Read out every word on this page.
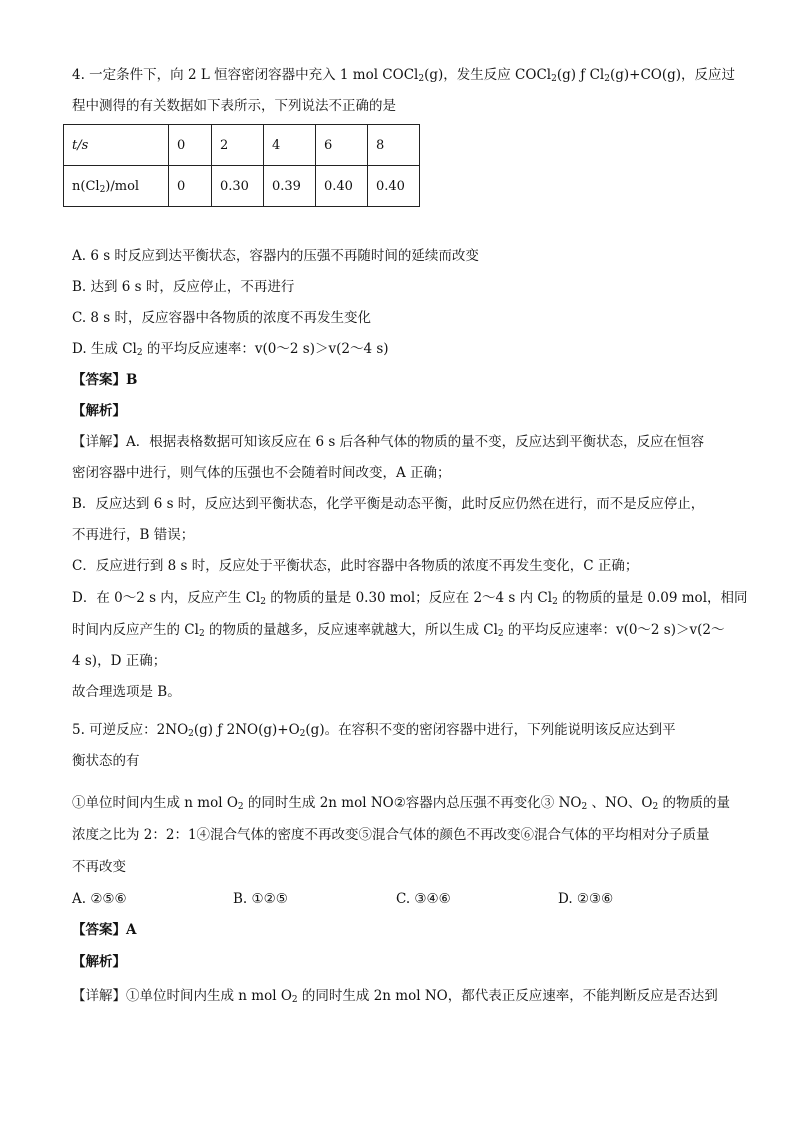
4. 一定条件下，向 2 L 恒容密闭容器中充入 1 mol COCl$_2$(g)，发生反应 COCl$_2$(g) ƒ $Cl_2(g)+CO(g)$，反应过
程中测得的有关数据如下表所示，下列说法不正确的是
t/s	0	2	4	6	8
$n(Cl_2)$/mol	0	0.30	0.39	0.40	0.40
A. 6 s 时反应到达平衡状态，容器内的压强不再随时间的延续而改变
B. 达到 6 s 时，反应停止，不再进行
C. 8 s 时，反应容器中各物质的浓度不再发生变化
D. 生成 $Cl_2$ 的平均反应速率：v(0～2 s)＞v(2～4 s)
【答案】B
【解析】
【详解】A．根据表格数据可知该反应在 6 s 后各种气体的物质的量不变，反应达到平衡状态，反应在恒容
密闭容器中进行，则气体的压强也不会随着时间改变，A 正确；
B．反应达到 6 s 时，反应达到平衡状态，化学平衡是动态平衡，此时反应仍然在进行，而不是反应停止，
不再进行，B 错误；
C．反应进行到 8 s 时，反应处于平衡状态，此时容器中各物质的浓度不再发生变化，C 正确；
D．在 0～2 s 内，反应产生 $Cl_2$ 的物质的量是 0.30 mol；反应在 2～4 s 内 $Cl_2$ 的物质的量是 0.09 mol，相同
时间内反应产生的 $Cl_2$ 的物质的量越多，反应速率就越大，所以生成 $Cl_2$ 的平均反应速率：v(0～2 s)＞v(2～
4 s)，D 正确；
故合理选项是 B。
5. 可逆反应：$2NO_2(g)$ ƒ $2NO(g)+O_2(g)$。在容积不变的密闭容器中进行，下列能说明该反应达到平
衡状态的有
①单位时间内生成 n mol $O_2$ 的同时生成 2n mol NO②容器内总压强不再变化③ $NO_2$ 、NO、$O_2$ 的物质的量
浓度之比为 2：2：1④混合气体的密度不再改变⑤混合气体的颜色不再改变⑥混合气体的平均相对分子质量
不再改变
A. ②⑤⑥	B. ①②⑤	C. ③④⑥	D. ②③⑥
【答案】A
【解析】
【详解】①单位时间内生成 n mol $O_2$ 的同时生成 2n mol NO，都代表正反应速率，不能判断反应是否达到
